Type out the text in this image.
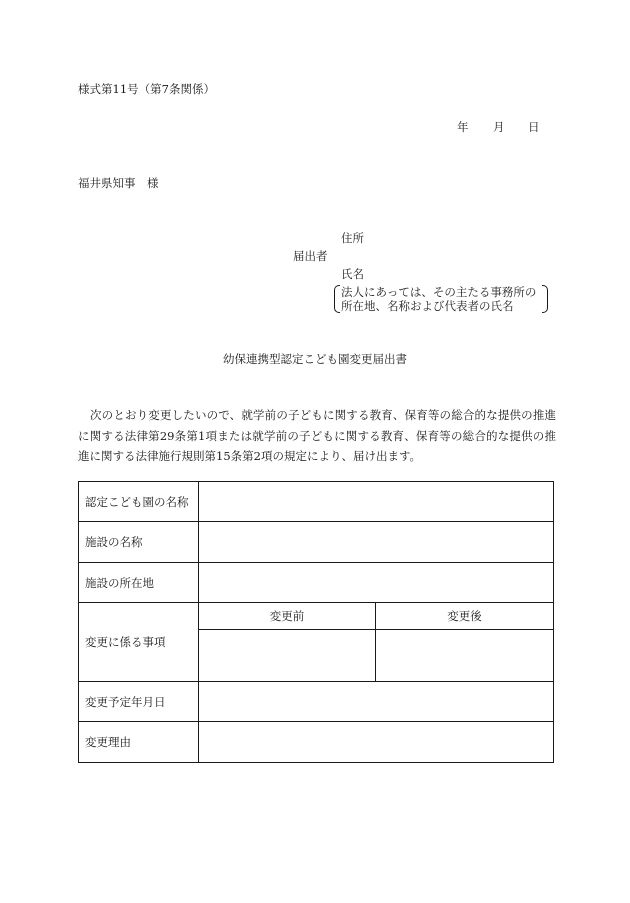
様式第11号（第7条関係）
年 月 日
福井県知事　様
住所
届出者
氏名
法人にあっては、その主たる事務所の
所在地、名称および代表者の氏名
幼保連携型認定こども園変更届出書
次のとおり変更したいので、就学前の子どもに関する教育、保育等の総合的な提供の推進に関する法律第29条第1項または就学前の子どもに関する教育、保育等の総合的な提供の推進に関する法律施行規則第15条第2項の規定により、届け出ます。
認定こども園の名称		
施設の名称		
施設の所在地		
変更に係る事項	変更前	変更後

変更予定年月日		
変更理由		
